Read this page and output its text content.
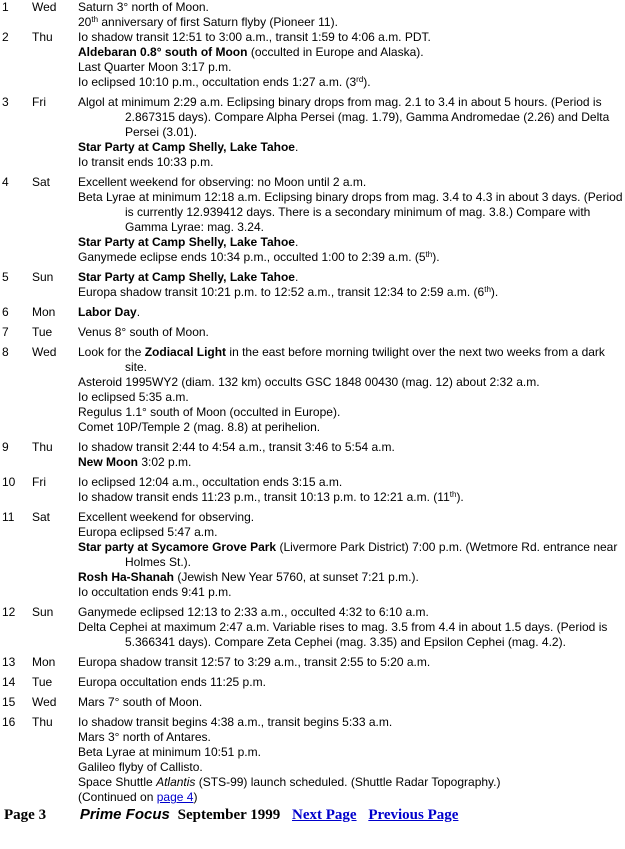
1	Wed	Saturn 3° north of Moon.
20th anniversary of first Saturn flyby (Pioneer 11).
2	Thu	Io shadow transit 12:51 to 3:00 a.m., transit 1:59 to 4:06 a.m. PDT.
Aldebaran 0.8° south of Moon (occulted in Europe and Alaska).
Last Quarter Moon 3:17 p.m.
Io eclipsed 10:10 p.m., occultation ends 1:27 a.m. (3rd).
3	Fri	Algol at minimum 2:29 a.m. Eclipsing binary drops from mag. 2.1 to 3.4 in about 5 hours. (Period is 2.867315 days). Compare Alpha Persei (mag. 1.79), Gamma Andromedae (2.26) and Delta Persei (3.01).
Star Party at Camp Shelly, Lake Tahoe.
Io transit ends 10:33 p.m.
4	Sat	Excellent weekend for observing: no Moon until 2 a.m.
Beta Lyrae at minimum 12:18 a.m. Eclipsing binary drops from mag. 3.4 to 4.3 in about 3 days. (Period is currently 12.939412 days. There is a secondary minimum of mag. 3.8.) Compare with Gamma Lyrae: mag. 3.24.
Star Party at Camp Shelly, Lake Tahoe.
Ganymede eclipse ends 10:34 p.m., occulted 1:00 to 2:39 a.m. (5th).
5	Sun	Star Party at Camp Shelly, Lake Tahoe.
Europa shadow transit 10:21 p.m. to 12:52 a.m., transit 12:34 to 2:59 a.m. (6th).
6	Mon	Labor Day.
7	Tue	Venus 8° south of Moon.
8	Wed	Look for the Zodiacal Light in the east before morning twilight over the next two weeks from a dark site.
Asteroid 1995WY2 (diam. 132 km) occults GSC 1848 00430 (mag. 12) about 2:32 a.m.
Io eclipsed 5:35 a.m.
Regulus 1.1° south of Moon (occulted in Europe).
Comet 10P/Temple 2 (mag. 8.8) at perihelion.
9	Thu	Io shadow transit 2:44 to 4:54 a.m., transit 3:46 to 5:54 a.m.
New Moon 3:02 p.m.
10	Fri	Io eclipsed 12:04 a.m., occultation ends 3:15 a.m.
Io shadow transit ends 11:23 p.m., transit 10:13 p.m. to 12:21 a.m. (11th).
11	Sat	Excellent weekend for observing.
Europa eclipsed 5:47 a.m.
Star party at Sycamore Grove Park (Livermore Park District) 7:00 p.m. (Wetmore Rd. entrance near Holmes St.).
Rosh Ha-Shanah (Jewish New Year 5760, at sunset 7:21 p.m.).
Io occultation ends 9:41 p.m.
12	Sun	Ganymede eclipsed 12:13 to 2:33 a.m., occulted 4:32 to 6:10 a.m.
Delta Cephei at maximum 2:47 a.m. Variable rises to mag. 3.5 from 4.4 in about 1.5 days. (Period is 5.366341 days). Compare Zeta Cephei (mag. 3.35) and Epsilon Cephei (mag. 4.2).
13	Mon	Europa shadow transit 12:57 to 3:29 a.m., transit 2:55 to 5:20 a.m.
14	Tue	Europa occultation ends 11:25 p.m.
15	Wed	Mars 7° south of Moon.
16	Thu	Io shadow transit begins 4:38 a.m., transit begins 5:33 a.m.
Mars 3° north of Antares.
Beta Lyrae at minimum 10:51 p.m.
Galileo flyby of Callisto.
Space Shuttle Atlantis (STS-99) launch scheduled. (Shuttle Radar Topography.)
(Continued on page 4)
Page 3 Prime Focus September 1999 Next Page Previous Page
